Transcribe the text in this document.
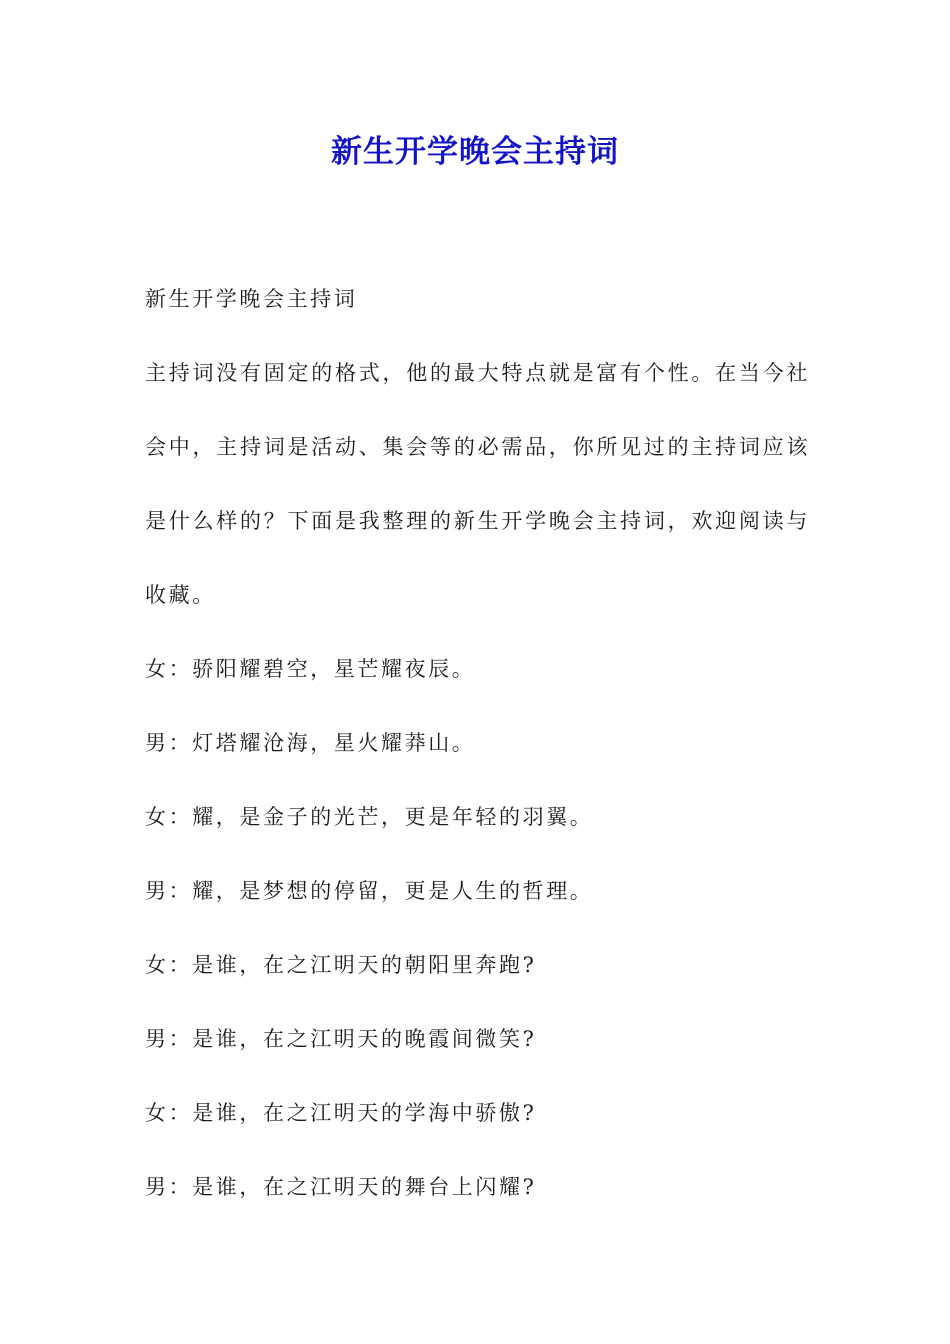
新生开学晚会主持词

新生开学晚会主持词

主持词没有固定的格式，他的最大特点就是富有个性。在当今社会中，主持词是活动、集会等的必需品，你所见过的主持词应该是什么样的？下面是我整理的新生开学晚会主持词，欢迎阅读与收藏。

女：骄阳耀碧空，星芒耀夜辰。

男：灯塔耀沧海，星火耀莽山。

女：耀，是金子的光芒，更是年轻的羽翼。

男：耀，是梦想的停留，更是人生的哲理。

女：是谁，在之江明天的朝阳里奔跑?

男：是谁，在之江明天的晚霞间微笑?

女：是谁，在之江明天的学海中骄傲?

男：是谁，在之江明天的舞台上闪耀?
